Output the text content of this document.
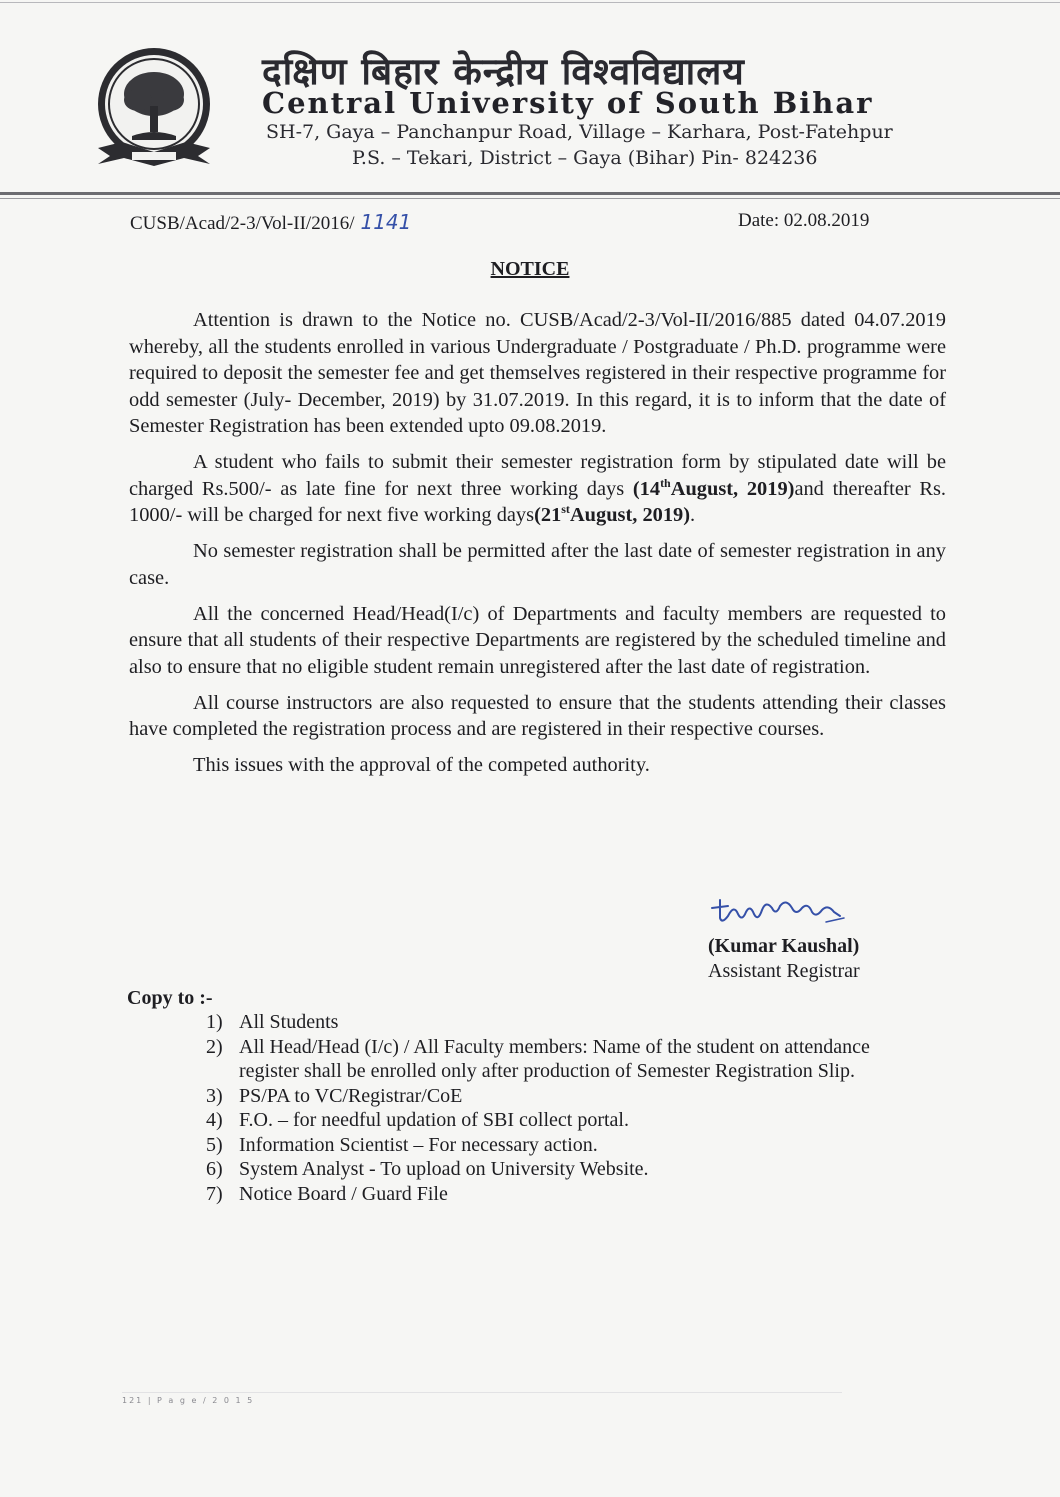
दक्षिण बिहार केन्द्रीय विश्वविद्यालय
Central University of South Bihar
SH-7, Gaya – Panchanpur Road, Village – Karhara, Post-Fatehpur
P.S. – Tekari, District – Gaya (Bihar) Pin- 824236
CUSB/Acad/2-3/Vol-II/2016/ 1141	Date: 02.08.2019
NOTICE

Attention is drawn to the Notice no. CUSB/Acad/2-3/Vol-II/2016/885 dated 04.07.2019 whereby, all the students enrolled in various Undergraduate / Postgraduate / Ph.D. programme were required to deposit the semester fee and get themselves registered in their respective programme for odd semester (July- December, 2019) by 31.07.2019. In this regard, it is to inform that the date of Semester Registration has been extended upto 09.08.2019.

A student who fails to submit their semester registration form by stipulated date will be charged Rs.500/- as late fine for next three working days (14thAugust, 2019)and thereafter Rs. 1000/- will be charged for next five working days(21stAugust, 2019).

No semester registration shall be permitted after the last date of semester registration in any case.

All the concerned Head/Head(I/c) of Departments and faculty members are requested to ensure that all students of their respective Departments are registered by the scheduled timeline and also to ensure that no eligible student remain unregistered after the last date of registration.

All course instructors are also requested to ensure that the students attending their classes have completed the registration process and are registered in their respective courses.

This issues with the approval of the competed authority.

(Kumar Kaushal)
Assistant Registrar
Copy to :-
1) All Students
2) All Head/Head (I/c) / All Faculty members: Name of the student on attendance register shall be enrolled only after production of Semester Registration Slip.
3) PS/PA to VC/Registrar/CoE
4) F.O. – for needful updation of SBI collect portal.
5) Information Scientist – For necessary action.
6) System Analyst - To upload on University Website.
7) Notice Board / Guard File
121 | P a g e / 2 0 1 5
